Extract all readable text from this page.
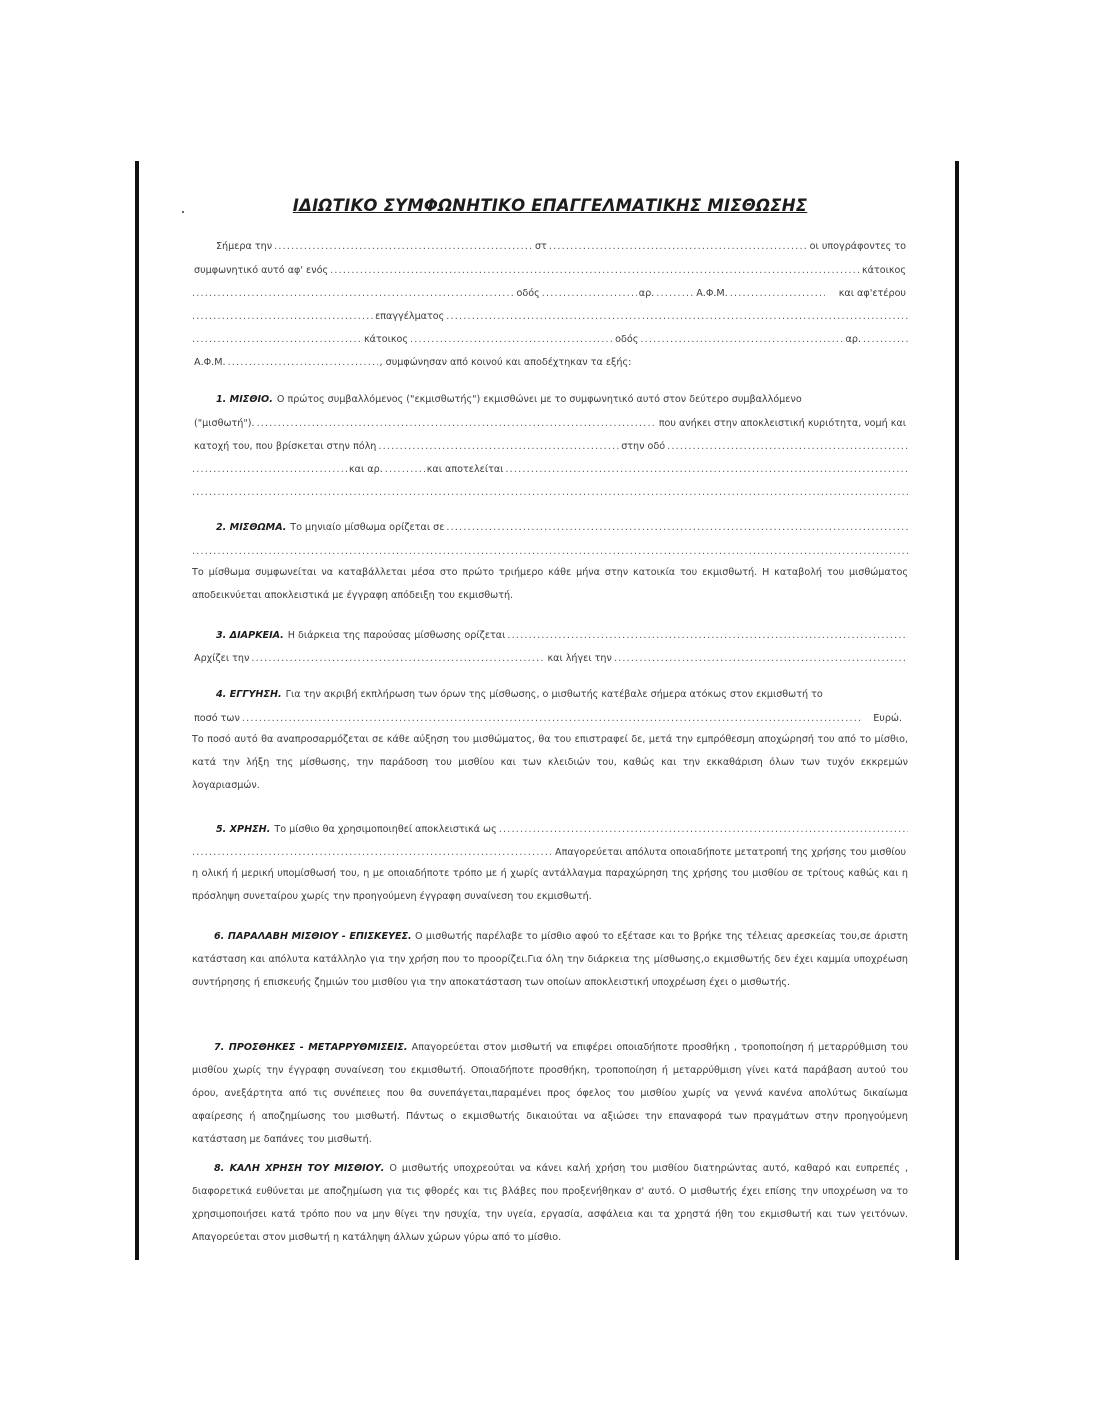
ΙΔΙΩΤΙΚΟ ΣΥΜΦΩΝΗΤΙΚΟ ΕΠΑΓΓΕΛΜΑΤΙΚΗΣ ΜΙΣΘΩΣΗΣ
Σήμερα την .....	στ .....	οι υπογράφοντες το
συμφωνητικό αυτό αφ' ενός .....	κάτοικος
.....
οδός .....	αρ. .....	Α.Φ.Μ. .....	και αφ'ετέρου
.....
επαγγέλματος
.....
.....
κάτοικος .....	οδός .....	αρ.
.....
Α.Φ.Μ. .....	, συμφώνησαν από κοινού και αποδέχτηκαν τα εξής:
1. ΜΙΣΘΙΟ. Ο πρώτος συμβαλλόμενος ("εκμισθωτής") εκμισθώνει με το συμφωνητικό αυτό στον δεύτερο συμβαλλόμενο
("μισθωτή"). .....	που ανήκει στην αποκλειστική κυριότητα, νομή και
κατοχή του, που βρίσκεται στην πόλη .....	στην οδό
.....
.....
και αρ. .....	και αποτελείται
.....
.....
2. ΜΙΣΘΩΜΑ. Το μηνιαίο μίσθωμα ορίζεται σε
.....
.....
Το μίσθωμα συμφωνείται να καταβάλλεται μέσα στο πρώτο τριήμερο κάθε μήνα στην κατοικία του εκμισθωτή. Η καταβολή του μισθώματος αποδεικνύεται αποκλειστικά με έγγραφη απόδειξη του εκμισθωτή.
3. ΔΙΑΡΚΕΙΑ. Η διάρκεια της παρούσας μίσθωσης ορίζεται
.....
Αρχίζει την .....	και λήγει την
.....
4. ΕΓΓΥΗΣΗ. Για την ακριβή εκπλήρωση των όρων της μίσθωσης, ο μισθωτής κατέβαλε σήμερα ατόκως στον εκμισθωτή το
ποσό των .....	Ευρώ.
Το ποσό αυτό θα αναπροσαρμόζεται σε κάθε αύξηση του μισθώματος, θα του επιστραφεί δε, μετά την εμπρόθεσμη αποχώρησή του από το μίσθιο, κατά την λήξη της μίσθωσης, την παράδοση του μισθίου και των κλειδιών του, καθώς και την εκκαθάριση όλων των τυχόν εκκρεμών λογαριασμών.
5. ΧΡΗΣΗ. Το μίσθιο θα χρησιμοποιηθεί αποκλειστικά ως
.....
.....
Απαγορεύεται απόλυτα οποιαδήποτε μετατροπή της χρήσης του μισθίου
η ολική ή μερική υπομίσθωσή του, η με οποιαδήποτε τρόπο με ή χωρίς αντάλλαγμα παραχώρηση της χρήσης του μισθίου σε τρίτους καθώς και η πρόσληψη συνεταίρου χωρίς την προηγούμενη έγγραφη συναίνεση του εκμισθωτή.
6. ΠΑΡΑΛΑΒΗ ΜΙΣΘΙΟΥ - ΕΠΙΣΚΕΥΕΣ. Ο μισθωτής παρέλαβε το μίσθιο αφού το εξέτασε και το βρήκε της τέλειας αρεσκείας του,σε άριστη κατάσταση και απόλυτα κατάλληλο για την χρήση που το προορίζει.Για όλη την διάρκεια της μίσθωσης,ο εκμισθωτής δεν έχει καμμία υποχρέωση συντήρησης ή επισκευής ζημιών του μισθίου για την αποκατάσταση των οποίων αποκλειστική υποχρέωση έχει ο μισθωτής.
7. ΠΡΟΣΘΗΚΕΣ - ΜΕΤΑΡΡΥΘΜΙΣΕΙΣ. Απαγορεύεται στον μισθωτή να επιφέρει οποιαδήποτε προσθήκη , τροποποίηση ή μεταρρύθμιση του μισθίου χωρίς την έγγραφη συναίνεση του εκμισθωτή. Οποιαδήποτε προσθήκη, τροποποίηση ή μεταρρύθμιση γίνει κατά παράβαση αυτού του όρου, ανεξάρτητα από τις συνέπειες που θα συνεπάγεται,παραμένει προς όφελος του μισθίου χωρίς να γεννά κανένα απολύτως δικαίωμα αφαίρεσης ή αποζημίωσης του μισθωτή. Πάντως ο εκμισθωτής δικαιούται να αξιώσει την επαναφορά των πραγμάτων στην προηγούμενη κατάσταση με δαπάνες του μισθωτή.
8. ΚΑΛΗ ΧΡΗΣΗ ΤΟΥ ΜΙΣΘΙΟΥ. Ο μισθωτής υποχρεούται να κάνει καλή χρήση του μισθίου διατηρώντας αυτό, καθαρό και ευπρεπές , διαφορετικά ευθύνεται με αποζημίωση για τις φθορές και τις βλάβες που προξενήθηκαν σ' αυτό. Ο μισθωτής έχει επίσης την υποχρέωση να το χρησιμοποιήσει κατά τρόπο που να μην θίγει την ησυχία, την υγεία, εργασία, ασφάλεια και τα χρηστά ήθη του εκμισθωτή και των γειτόνων. Απαγορεύεται στον μισθωτή η κατάληψη άλλων χώρων γύρω από το μίσθιο.
